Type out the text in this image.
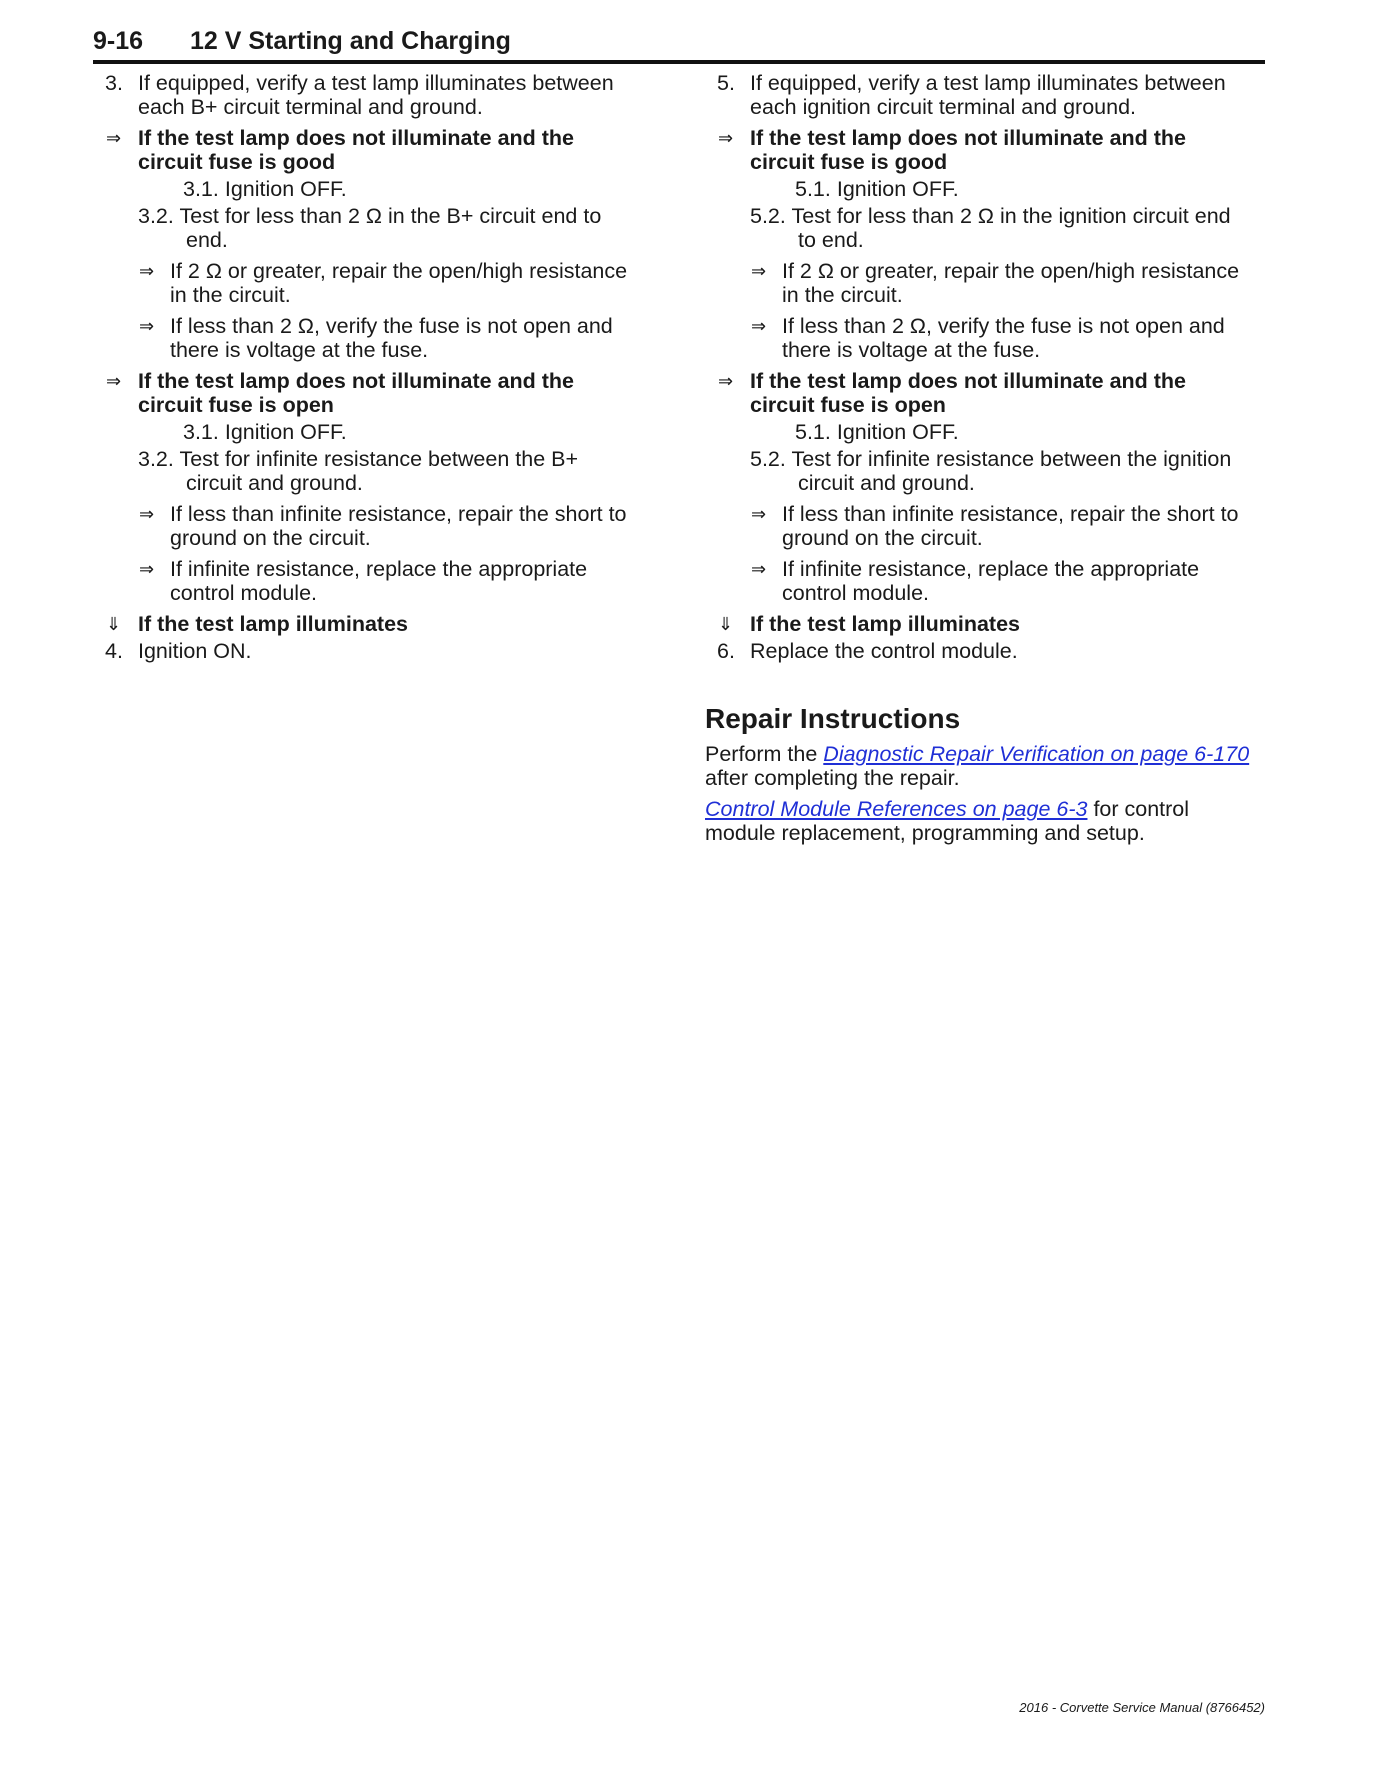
9-16 12 V Starting and Charging
3. If equipped, verify a test lamp illuminates between each B+ circuit terminal and ground.
⇒ If the test lamp does not illuminate and the circuit fuse is good
3.1. Ignition OFF.
3.2. Test for less than 2 Ω in the B+ circuit end to end.
⇒ If 2 Ω or greater, repair the open/high resistance in the circuit.
⇒ If less than 2 Ω, verify the fuse is not open and there is voltage at the fuse.
⇒ If the test lamp does not illuminate and the circuit fuse is open
3.1. Ignition OFF.
3.2. Test for infinite resistance between the B+ circuit and ground.
⇒ If less than infinite resistance, repair the short to ground on the circuit.
⇒ If infinite resistance, replace the appropriate control module.
⇓ If the test lamp illuminates
4. Ignition ON.
5. If equipped, verify a test lamp illuminates between each ignition circuit terminal and ground.
⇒ If the test lamp does not illuminate and the circuit fuse is good
5.1. Ignition OFF.
5.2. Test for less than 2 Ω in the ignition circuit end to end.
⇒ If 2 Ω or greater, repair the open/high resistance in the circuit.
⇒ If less than 2 Ω, verify the fuse is not open and there is voltage at the fuse.
⇒ If the test lamp does not illuminate and the circuit fuse is open
5.1. Ignition OFF.
5.2. Test for infinite resistance between the ignition circuit and ground.
⇒ If less than infinite resistance, repair the short to ground on the circuit.
⇒ If infinite resistance, replace the appropriate control module.
⇓ If the test lamp illuminates
6. Replace the control module.
Repair Instructions
Perform the Diagnostic Repair Verification on page 6-170 after completing the repair.
Control Module References on page 6-3 for control module replacement, programming and setup.
2016 - Corvette Service Manual (8766452)
